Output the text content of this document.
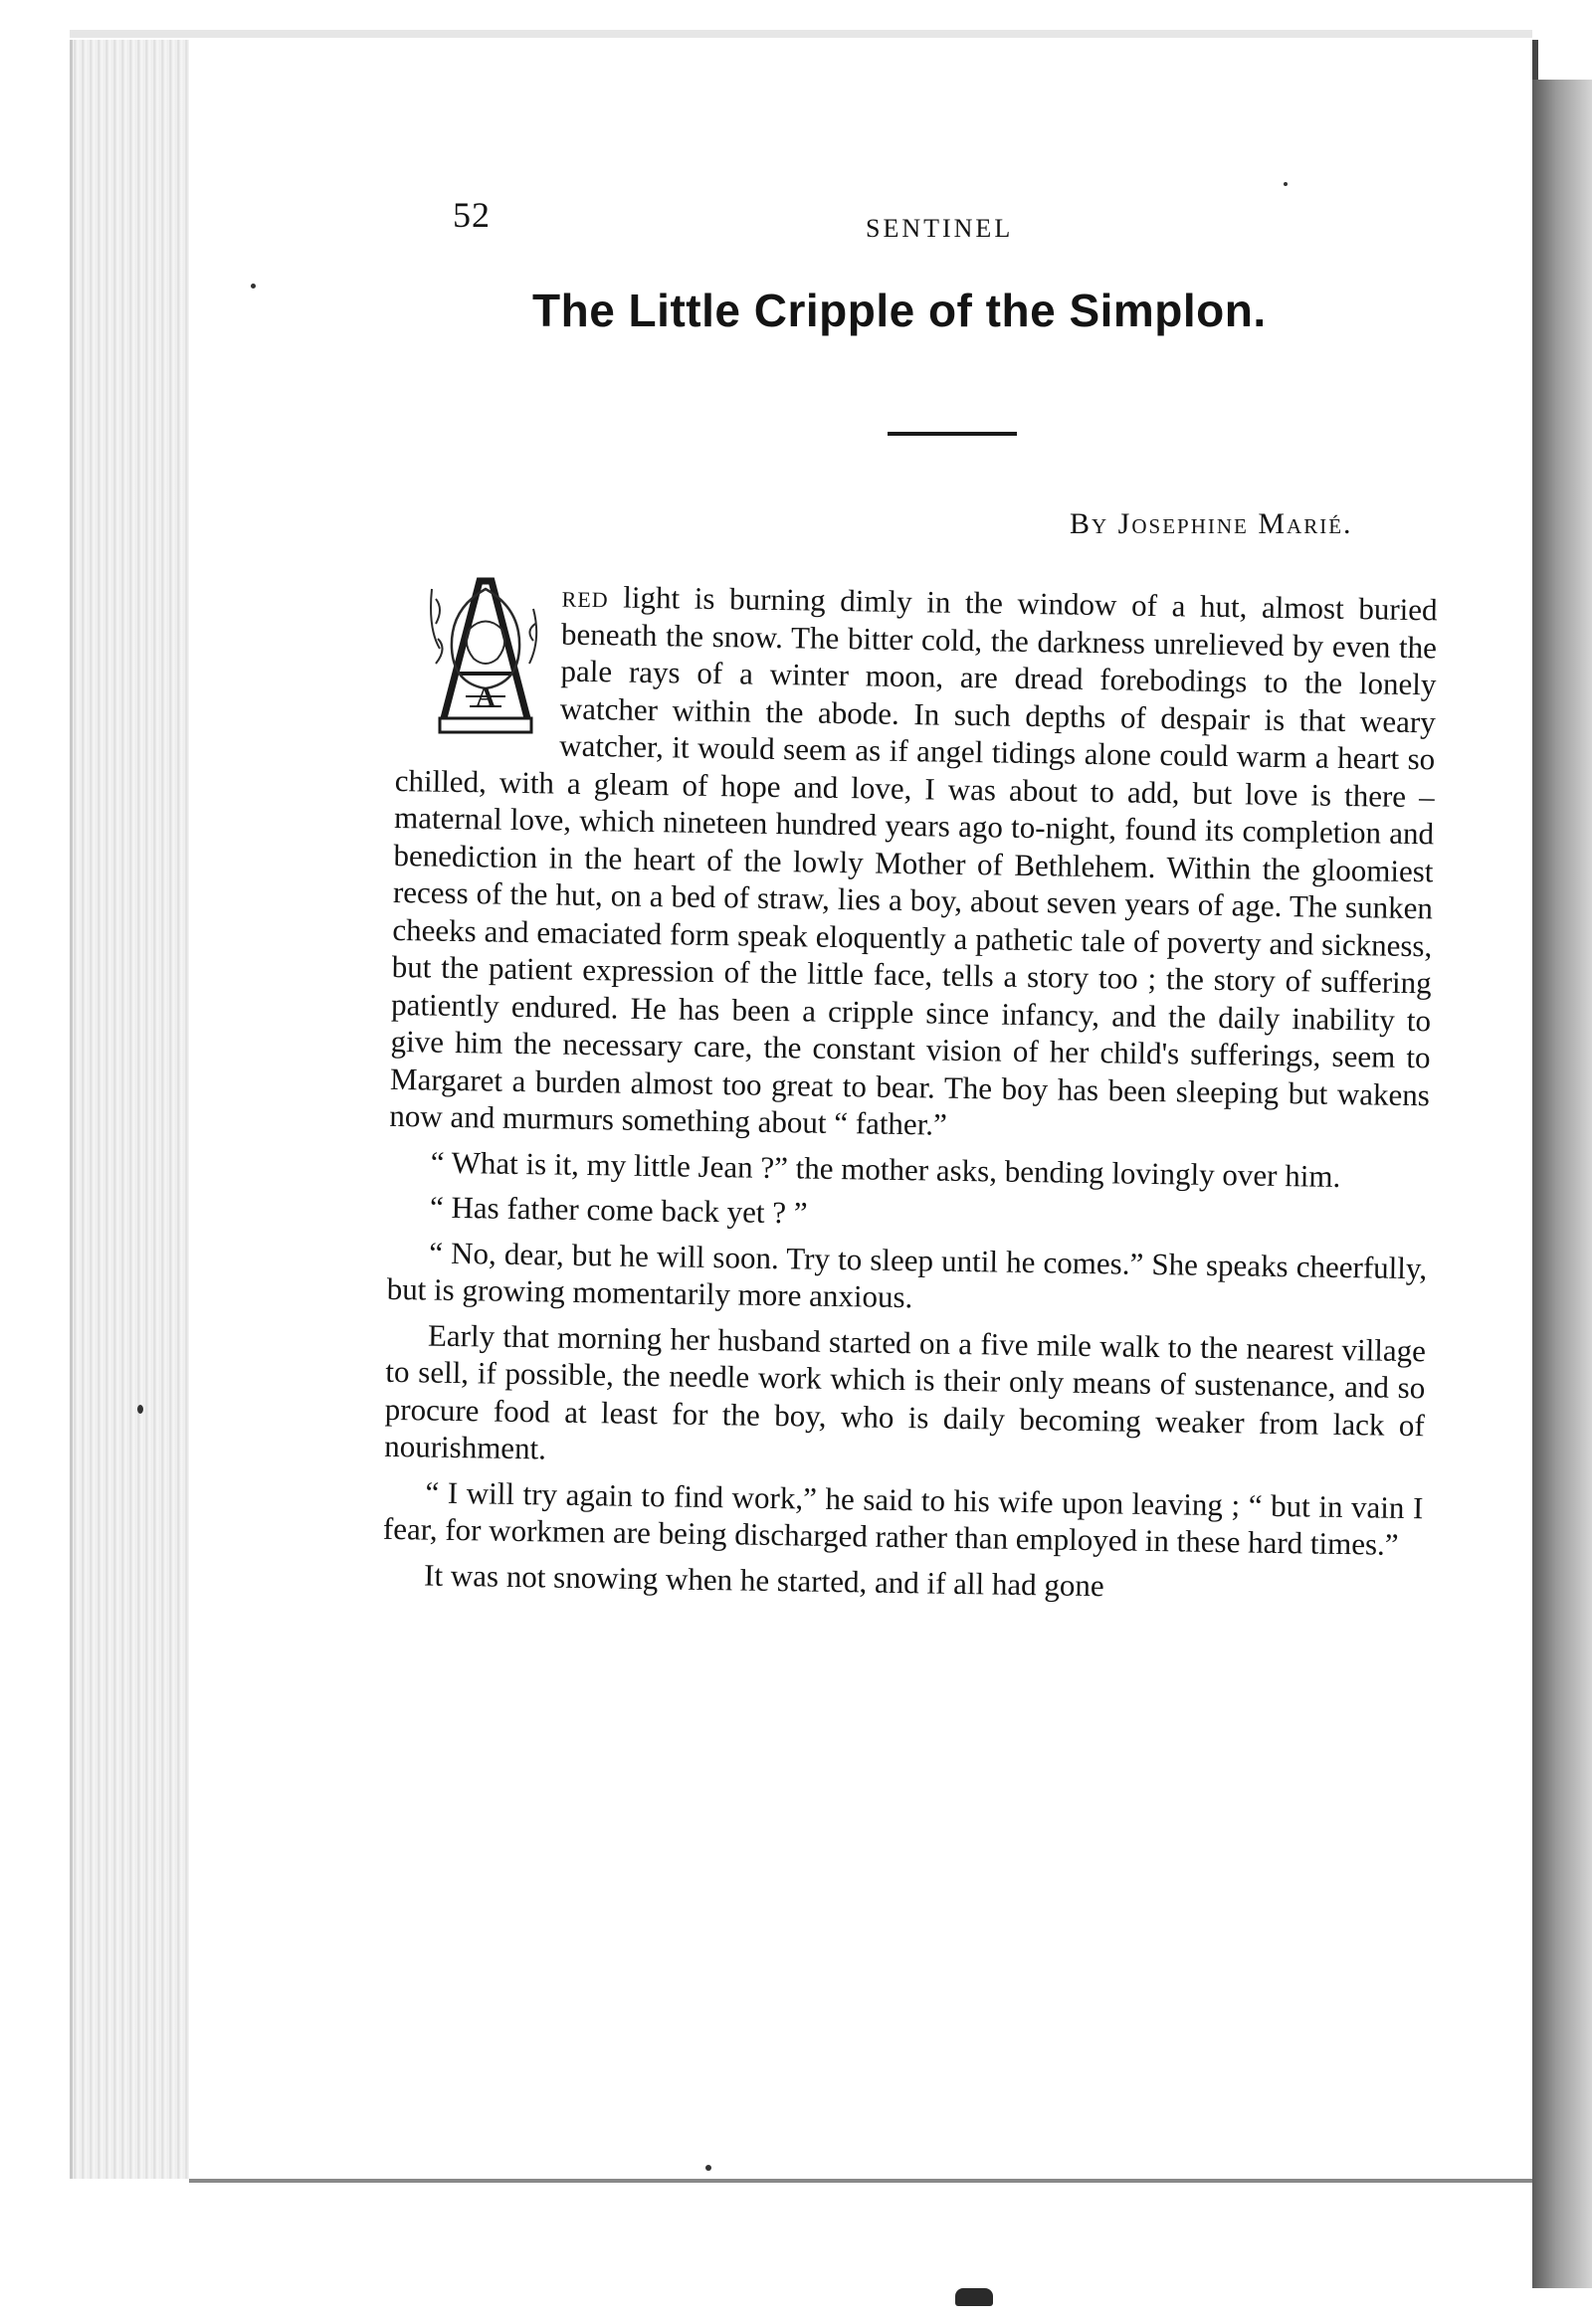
52	SENTINEL
The Little Cripple of the Simplon.
By Josephine Marié.
A

red light is burning dimly in the window of a hut, almost buried beneath the snow. The bitter cold, the darkness unrelieved by even the pale rays of a winter moon, are dread forebodings to the lonely watcher within the abode. In such depths of despair is that weary watcher, it would seem as if angel tidings alone could warm a heart so chilled, with a gleam of hope and love, I was about to add, but love is there – maternal love, which nineteen hundred years ago to-night, found its completion and benediction in the heart of the lowly Mother of Bethlehem. Within the gloomiest recess of the hut, on a bed of straw, lies a boy, about seven years of age. The sunken cheeks and emaciated form speak eloquently a pathetic tale of poverty and sickness, but the patient expression of the little face, tells a story too ; the story of suffering patiently endured. He has been a cripple since infancy, and the daily inability to give him the necessary care, the constant vision of her child's sufferings, seem to Margaret a burden almost too great to bear. The boy has been sleeping but wakens now and murmurs something about “ father.”

“ What is it, my little Jean ?” the mother asks, bending lovingly over him.

“ Has father come back yet ? ”

“ No, dear, but he will soon. Try to sleep until he comes.” She speaks cheerfully, but is growing momentarily more anxious.

Early that morning her husband started on a five mile walk to the nearest village to sell, if possible, the needle work which is their only means of sustenance, and so procure food at least for the boy, who is daily becoming weaker from lack of nourishment.

“ I will try again to find work,” he said to his wife upon leaving ; “ but in vain I fear, for workmen are being discharged rather than employed in these hard times.”

It was not snowing when he started, and if all had gone
